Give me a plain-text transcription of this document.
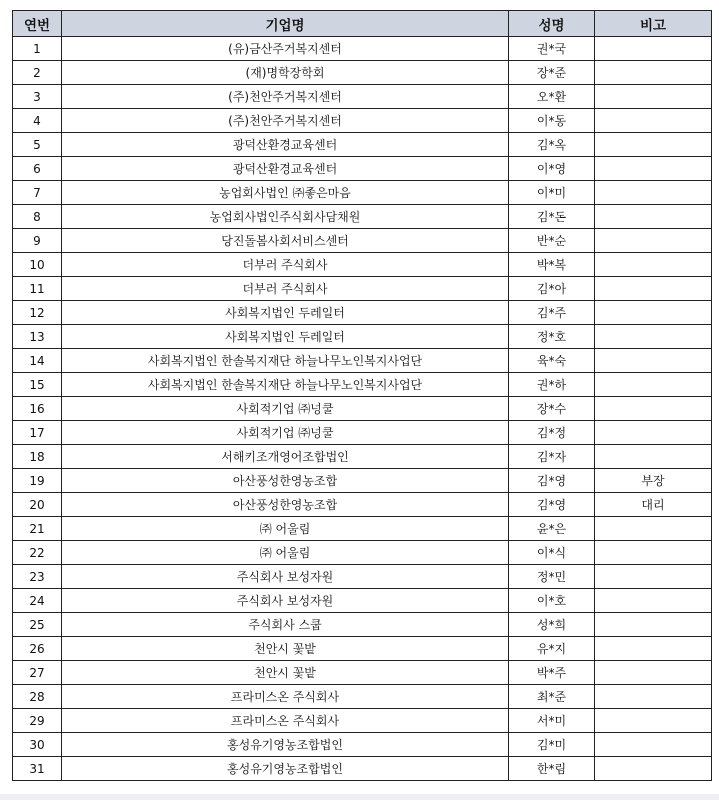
연번	기업명	성명	비고
1	(유)금산주거복지센터	권*국	
2	(재)명학장학회	장*준	
3	(주)천안주거복지센터	오*환	
4	(주)천안주거복지센터	이*동	
5	광덕산환경교육센터	김*옥	
6	광덕산환경교육센터	이*영	
7	농업회사법인 ㈜좋은마음	이*미	
8	농업회사법인주식회사담채원	김*돈	
9	당진돌봄사회서비스센터	반*순	
10	더부러 주식회사	박*복	
11	더부러 주식회사	김*아	
12	사회복지법인 두레일터	김*주	
13	사회복지법인 두레일터	정*호	
14	사회복지법인 한솔복지재단 하늘나무노인복지사업단	육*숙	
15	사회복지법인 한솔복지재단 하늘나무노인복지사업단	권*하	
16	사회적기업 ㈜넝쿨	장*수	
17	사회적기업 ㈜넝쿨	김*정	
18	서해키조개영어조합법인	김*자	
19	아산풍성한영농조합	김*영	부장
20	아산풍성한영농조합	김*영	대리
21	㈜ 어울림	윤*은	
22	㈜ 어울림	이*식	
23	주식회사 보성자원	정*민	
24	주식회사 보성자원	이*호	
25	주식회사 스쿱	성*희	
26	천안시 꽃밭	유*지	
27	천안시 꽃밭	박*주	
28	프라미스온 주식회사	최*준	
29	프라미스온 주식회사	서*미	
30	홍성유기영농조합법인	김*미	
31	홍성유기영농조합법인	한*림	
